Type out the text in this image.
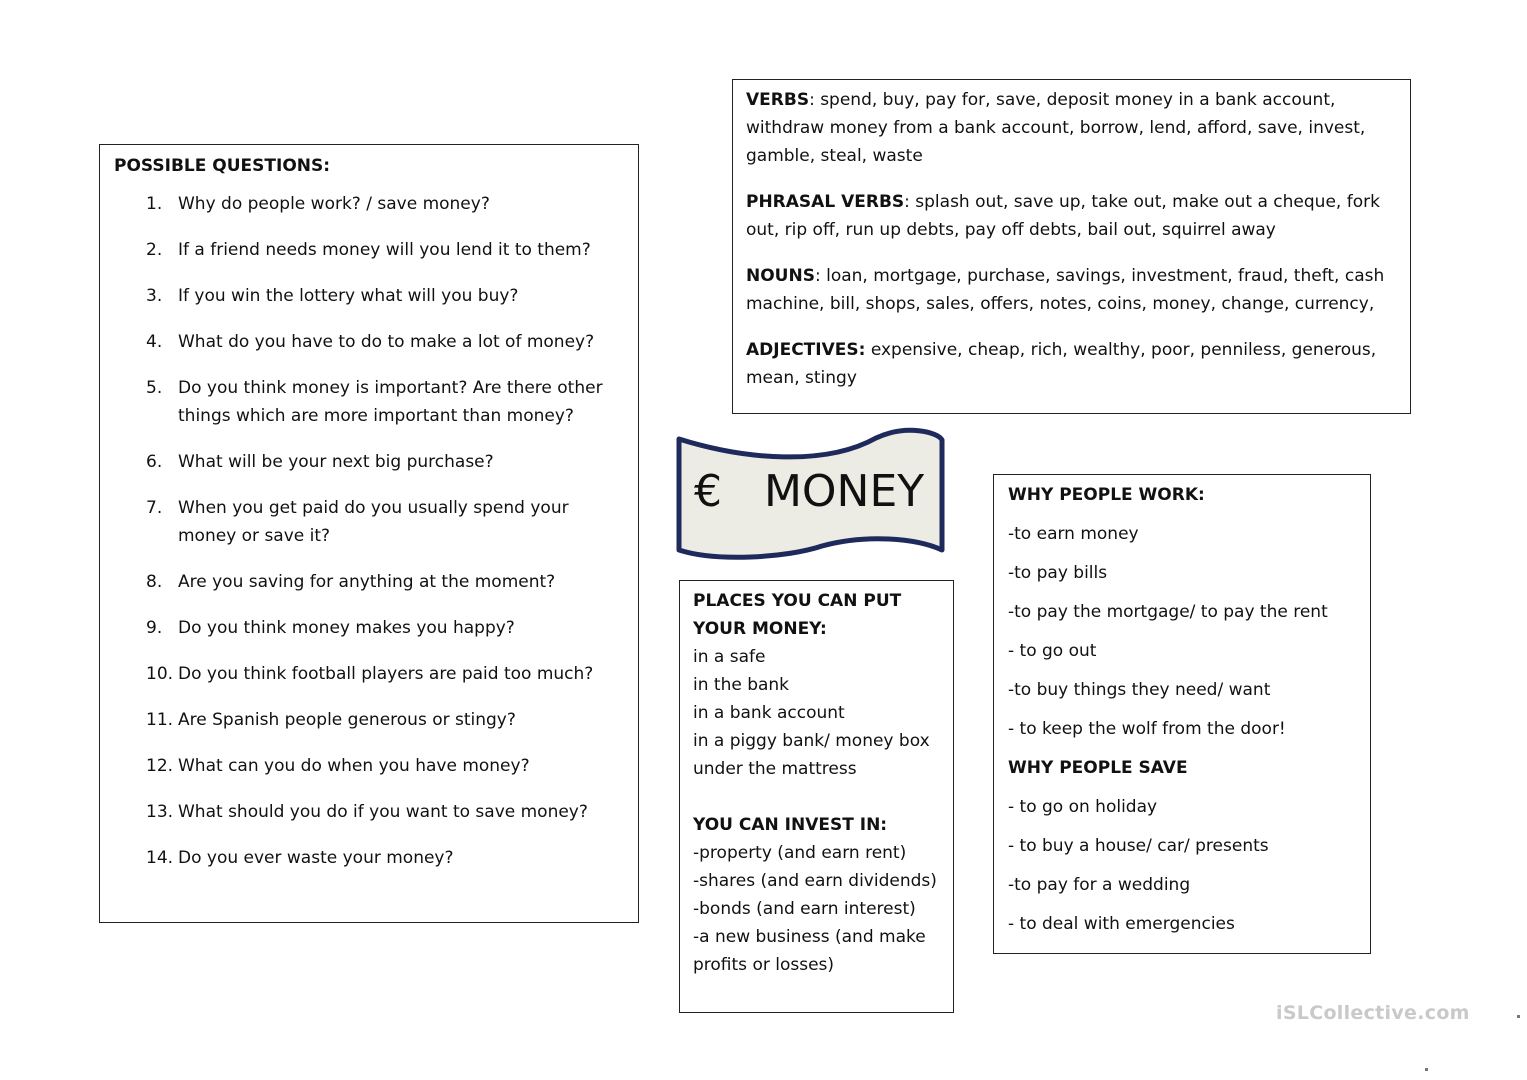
POSSIBLE QUESTIONS:
1. Why do people work? / save money?
2. If a friend needs money will you lend it to them?
3. If you win the lottery what will you buy?
4. What do you have to do to make a lot of money?
5. Do you think money is important? Are there other things which are more important than money?
6. What will be your next big purchase?
7. When you get paid do you usually spend your money or save it?
8. Are you saving for anything at the moment?
9. Do you think money makes you happy?
10. Do you think football players are paid too much?
11. Are Spanish people generous or stingy?
12. What can you do when you have money?
13. What should you do if you want to save money?
14. Do you ever waste your money?

VERBS: spend, buy, pay for, save, deposit money in a bank account, withdraw money from a bank account, borrow, lend, afford, save, invest, gamble, steal, waste

PHRASAL VERBS: splash out, save up, take out, make out a cheque, fork out, rip off, run up debts, pay off debts, bail out, squirrel away

NOUNS: loan, mortgage, purchase, savings, investment, fraud, theft, cash machine, bill, shops, sales, offers, notes, coins, money, change, currency,

ADJECTIVES: expensive, cheap, rich, wealthy, poor, penniless, generous, mean, stingy

€   MONEY
PLACES YOU CAN PUT YOUR MONEY:
in a safe
in the bank
in a bank account
in a piggy bank/ money box
under the mattress
YOU CAN INVEST IN:
-property (and earn rent)
-shares (and earn dividends)
-bonds (and earn interest)
-a new business (and make profits or losses)
WHY PEOPLE WORK:
-to earn money
-to pay bills
-to pay the mortgage/ to pay the rent
- to go out
-to buy things they need/ want
- to keep the wolf from the door!
WHY PEOPLE SAVE
- to go on holiday
- to buy a house/ car/ presents
-to pay for a wedding
- to deal with emergencies
iSLCollective.com
